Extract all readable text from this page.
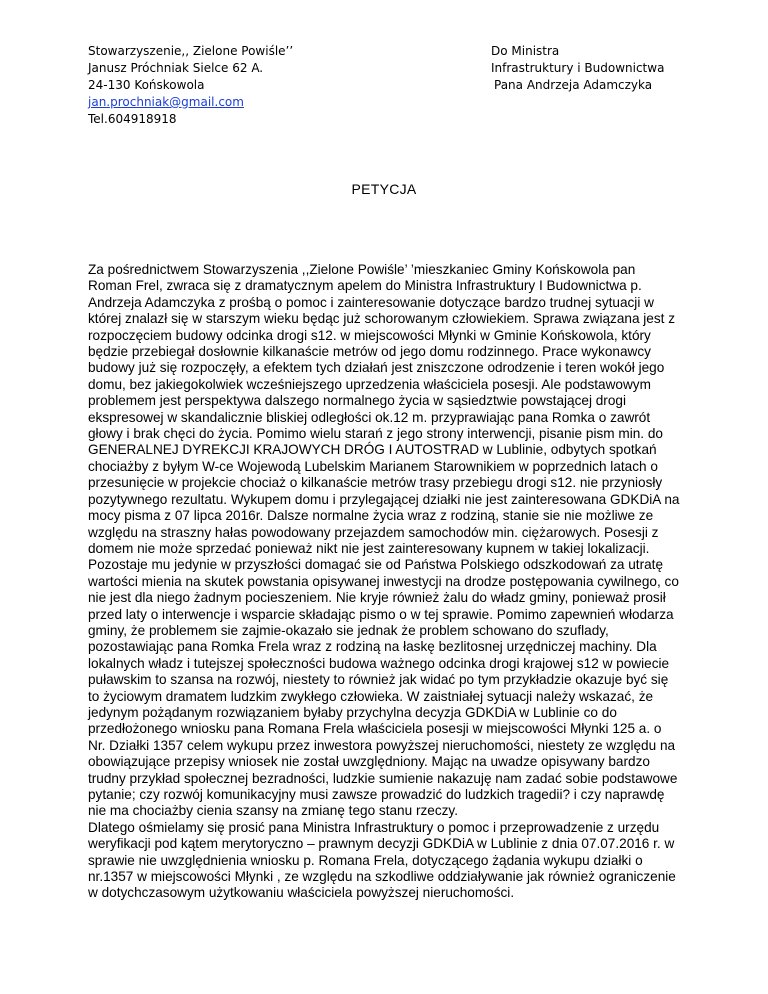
Stowarzyszenie,, Zielone Powiśle’’
Janusz Próchniak Sielce 62 A.
24-130 Końskowola
jan.prochniak@gmail.com
Tel.604918918
Do Ministra
Infrastruktury i Budownictwa
Pana Andrzeja Adamczyka
PETYCJA

Za pośrednictwem Stowarzyszenia ,,Zielone Powiśle’ ’mieszkaniec Gminy Końskowola pan Roman Frel, zwraca się z dramatycznym apelem do Ministra Infrastruktury I Budownictwa p. Andrzeja Adamczyka z prośbą o pomoc i zainteresowanie dotyczące bardzo trudnej sytuacji w której znalazł się w starszym wieku będąc już schorowanym człowiekiem. Sprawa związana jest z rozpoczęciem budowy odcinka drogi s12. w miejscowości Młynki w Gminie Końskowola, który będzie przebiegał dosłownie kilkanaście metrów od jego domu rodzinnego. Prace wykonawcy budowy już się rozpoczęły, a efektem tych działań jest zniszczone odrodzenie i teren wokół jego domu, bez jakiegokolwiek wcześniejszego uprzedzenia właściciela posesji. Ale podstawowym problemem jest perspektywa dalszego normalnego życia w sąsiedztwie powstającej drogi ekspresowej w skandalicznie bliskiej odległości ok.12 m. przyprawiając pana Romka o zawrót głowy i brak chęci do życia. Pomimo wielu starań z jego strony interwencji, pisanie pism min. do GENERALNEJ DYREKCJI KRAJOWYCH DRÓG I AUTOSTRAD w Lublinie, odbytych spotkań chociażby z byłym W-ce Wojewodą Lubelskim Marianem Starownikiem w poprzednich latach o przesunięcie w projekcie chociaż o kilkanaście metrów trasy przebiegu drogi s12. nie przyniosły pozytywnego rezultatu. Wykupem domu i przylegającej działki nie jest zainteresowana GDKDiA na mocy pisma z 07 lipca 2016r. Dalsze normalne życia wraz z rodziną, stanie sie nie możliwe ze względu na straszny hałas powodowany przejazdem samochodów min. ciężarowych. Posesji z domem nie może sprzedać ponieważ nikt nie jest zainteresowany kupnem w takiej lokalizacji. Pozostaje mu jedynie w przyszłości domagać sie od Państwa Polskiego odszkodowań za utratę wartości mienia na skutek powstania opisywanej inwestycji na drodze postępowania cywilnego, co nie jest dla niego żadnym pocieszeniem. Nie kryje również żalu do władz gminy, ponieważ prosił przed laty o interwencje i wsparcie składając pismo o w tej sprawie. Pomimo zapewnień włodarza gminy, że problemem sie zajmie-okazało sie jednak że problem schowano do szuflady, pozostawiając pana Romka Frela wraz z rodziną na łaskę bezlitosnej urzędniczej machiny. Dla lokalnych władz i tutejszej społeczności budowa ważnego odcinka drogi krajowej s12 w powiecie puławskim to szansa na rozwój, niestety to również jak widać po tym przykładzie okazuje być się to życiowym dramatem ludzkim zwykłego człowieka. W zaistniałej sytuacji należy wskazać, że jedynym pożądanym rozwiązaniem byłaby przychylna decyzja GDKDiA w Lublinie co do przedłożonego wniosku pana Romana Frela właściciela posesji w miejscowości Młynki 125 a. o Nr. Działki 1357 celem wykupu przez inwestora powyższej nieruchomości, niestety ze względu na obowiązujące przepisy wniosek nie został uwzględniony. Mając na uwadze opisywany bardzo trudny przykład społecznej bezradności, ludzkie sumienie nakazuję nam zadać sobie podstawowe pytanie; czy rozwój komunikacyjny musi zawsze prowadzić do ludzkich tragedii? i czy naprawdę nie ma chociażby cienia szansy na zmianę tego stanu rzeczy.

Dlatego ośmielamy się prosić pana Ministra Infrastruktury o pomoc i przeprowadzenie z urzędu weryfikacji pod kątem merytoryczno – prawnym decyzji GDKDiA w Lublinie z dnia 07.07.2016 r. w sprawie nie uwzględnienia wniosku p. Romana Frela, dotyczącego żądania wykupu działki o nr.1357 w miejscowości Młynki , ze względu na szkodliwe oddziaływanie jak również ograniczenie w dotychczasowym użytkowaniu właściciela powyższej nieruchomości.
